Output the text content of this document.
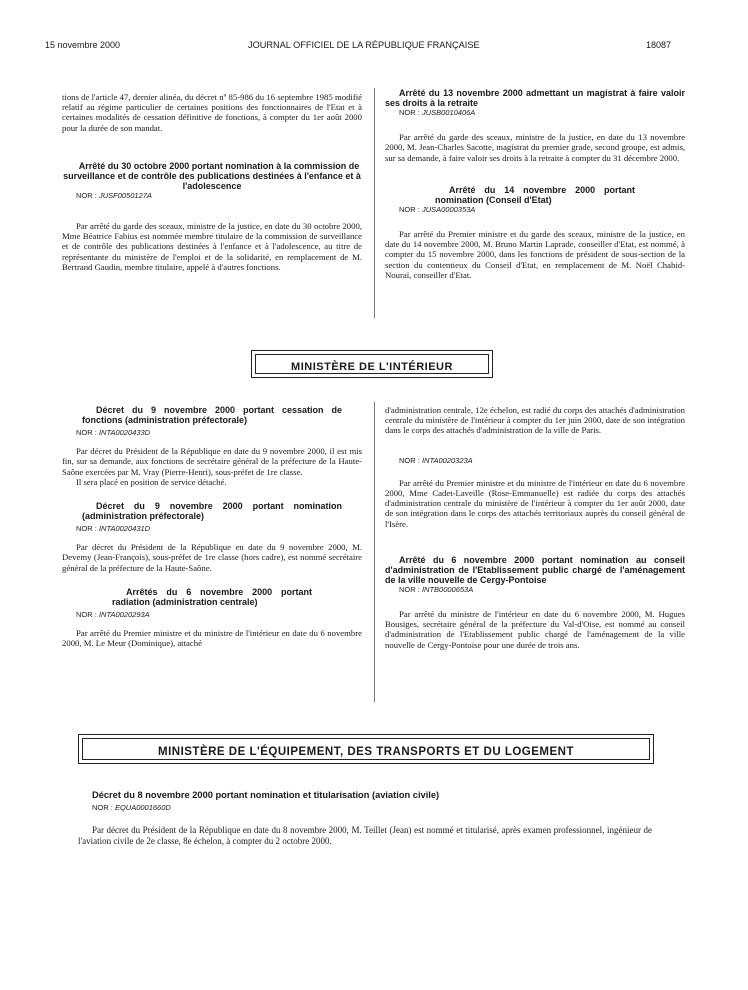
15 novembre 2000	JOURNAL OFFICIEL DE LA RÉPUBLIQUE FRANÇAISE	18087

tions de l'article 47, dernier alinéa, du décret nº 85-986 du 16 septembre 1985 modifié relatif au régime particulier de certaines positions des fonctionnaires de l'Etat et à certaines modalités de cessation définitive de fonctions, à compter du 1er août 2000 pour la durée de son mandat.

Arrêté du 30 octobre 2000 portant nomination à la commission de surveillance et de contrôle des publications destinées à l'enfance et à l'adolescence

NOR : JUSF0050127A

Par arrêté du garde des sceaux, ministre de la justice, en date du 30 octobre 2000, Mme Béatrice Fabius est nommée membre titulaire de la commission de surveillance et de contrôle des publications destinées à l'enfance et à l'adolescence, au titre de représentante du ministère de l'emploi et de la solidarité, en remplacement de M. Bertrand Gaudin, membre titulaire, appelé à d'autres fonctions.

Arrêté du 13 novembre 2000 admettant un magistrat à faire valoir ses droits à la retraite

NOR : JUSB0010406A

Par arrêté du garde des sceaux, ministre de la justice, en date du 13 novembre 2000, M. Jean-Charles Sacotte, magistrat du premier grade, second groupe, est admis, sur sa demande, à faire valoir ses droits à la retraite à compter du 31 décembre 2000.

Arrêté du 14 novembre 2000 portant nomination (Conseil d'Etat)

NOR : JUSA0000353A

Par arrêté du Premier ministre et du garde des sceaux, ministre de la justice, en date du 14 novembre 2000, M. Bruno Martin Laprade, conseiller d'Etat, est nommé, à compter du 15 novembre 2000, dans les fonctions de président de sous-section de la section du contentieux du Conseil d'Etat, en remplacement de M. Noël Chahid-Nouraï, conseiller d'Etat.

$_{MINISTÈRE DE L'INTÉRIEUR}$

Décret du 9 novembre 2000 portant cessation de fonctions (administration préfectorale)

NOR : INTA0020433D

Par décret du Président de la République en date du 9 novembre 2000, il est mis fin, sur sa demande, aux fonctions de secrétaire général de la préfecture de la Haute-Saône exercées par M. Vray (Pierre-Henri), sous-préfet de 1re classe.

Il sera placé en position de service détaché.

Décret du 9 novembre 2000 portant nomination (administration préfectorale)

NOR : INTA0020431D

Par décret du Président de la République en date du 9 novembre 2000, M. Devemy (Jean-François), sous-préfet de 1re classe (hors cadre), est nommé secrétaire général de la préfecture de la Haute-Saône.

Arrêtés du 6 novembre 2000 portant radiation (administration centrale)

NOR : INTA0020293A

Par arrêté du Premier ministre et du ministre de l'intérieur en date du 6 novembre 2000, M. Le Meur (Dominique), attaché

d'administration centrale, 12e échelon, est radié du corps des attachés d'administration centrale du ministère de l'intérieur à compter du 1er juin 2000, date de son intégration dans le corps des attachés d'administration de la ville de Paris.

NOR : INTA0020323A

Par arrêté du Premier ministre et du ministre de l'intérieur en date du 6 novembre 2000, Mme Cadet-Laveille (Rose-Emmanuelle) est radiée du corps des attachés d'administration centrale du ministère de l'intérieur à compter du 1er août 2000, date de son intégration dans le corps des attachés territoriaux auprès du conseil général de l'Isère.

Arrêté du 6 novembre 2000 portant nomination au conseil d'administration de l'Etablissement public chargé de l'aménagement de la ville nouvelle de Cergy-Pontoise

NOR : INTB0000653A

Par arrêté du ministre de l'intérieur en date du 6 novembre 2000, M. Hugues Bousiges, secrétaire général de la préfecture du Val-d'Oise, est nommé au conseil d'administration de l'Etablissement public chargé de l'aménagement de la ville nouvelle de Cergy-Pontoise pour une durée de trois ans.

$_{MINISTÈRE DE L'ÉQUIPEMENT, DES TRANSPORTS ET DU LOGEMENT}$

Décret du 8 novembre 2000 portant nomination et titularisation (aviation civile)

NOR : EQUA0001660D

Par décret du Président de la République en date du 8 novembre 2000, M. Teillet (Jean) est nommé et titularisé, après examen professionnel, ingénieur de l'aviation civile de 2e classe, 8e échelon, à compter du 2 octobre 2000.
